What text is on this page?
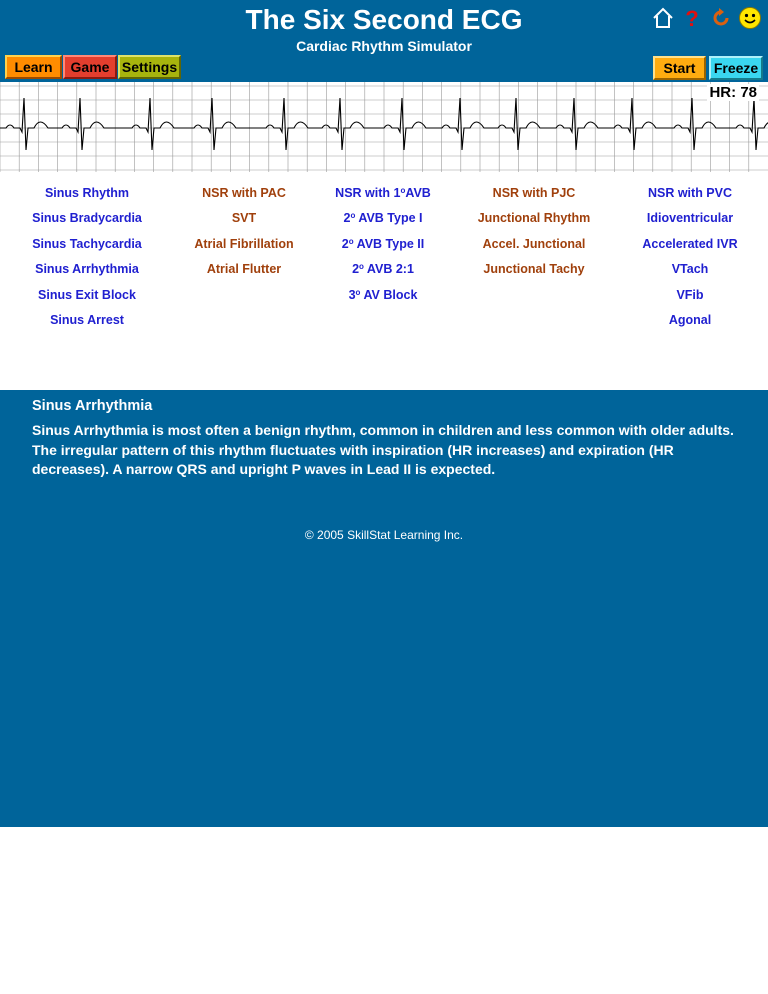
The Six Second ECG
Cardiac Rhythm Simulator
?
Learn	Game Settings	Start	Freeze
HR: 78
Sinus Rhythm
Sinus Bradycardia
Sinus Tachycardia
Sinus Arrhythmia
Sinus Exit Block
Sinus Arrest
NSR with PAC
SVT
Atrial Fibrillation
Atrial Flutter
NSR with 1$^o$AVB
2$^o$ AVB Type I
2$^o$ AVB Type II
2$^o$ AVB 2:1
3$^o$ AV Block
NSR with PJC
Junctional Rhythm
Accel. Junctional
Junctional Tachy
NSR with PVC
Idioventricular
Accelerated IVR
VTach
VFib
Agonal
Sinus Arrhythmia
Sinus Arrhythmia is most often a benign rhythm, common in children and less common with older adults. The irregular pattern of this rhythm fluctuates with inspiration (HR increases) and expiration (HR decreases). A narrow QRS and upright P waves in Lead II is expected.
© 2005 SkillStat Learning Inc.
